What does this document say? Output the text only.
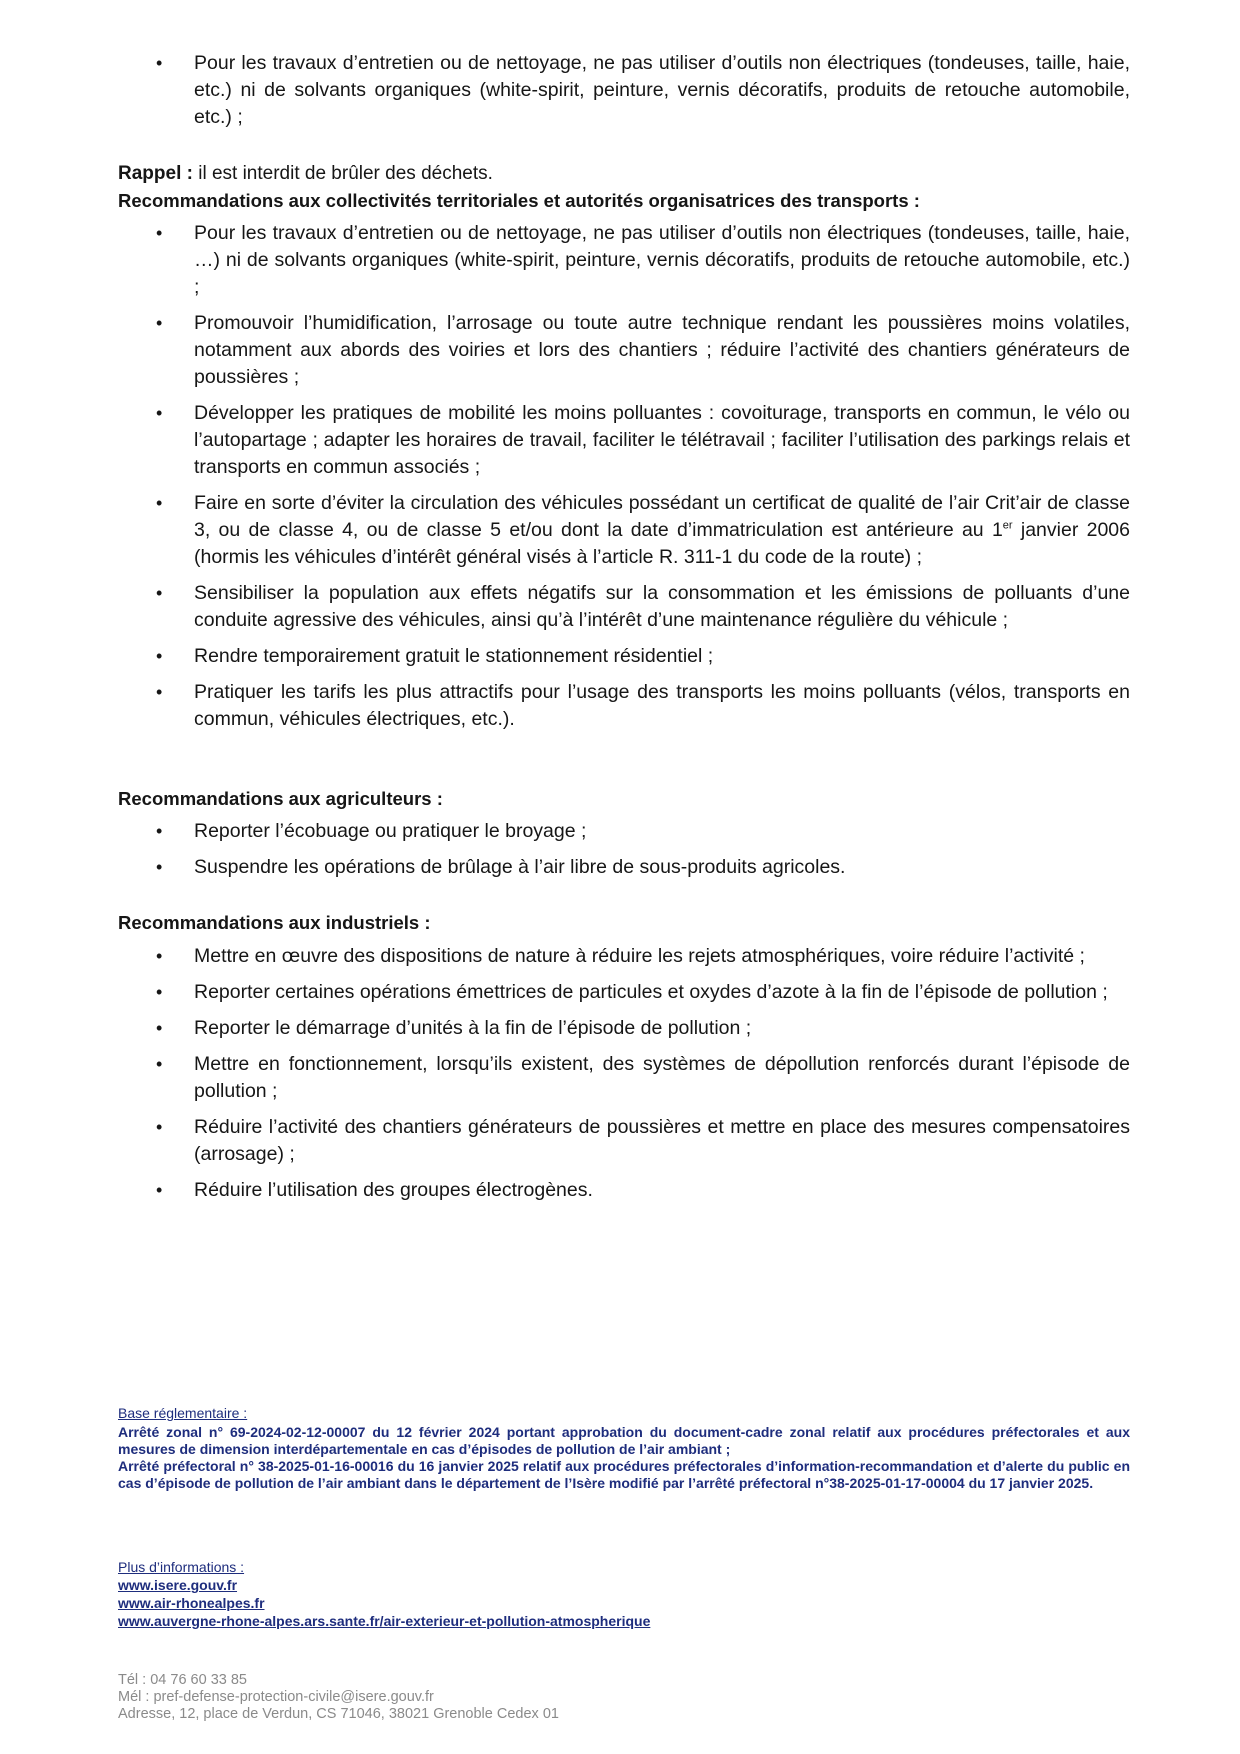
• Pour les travaux d’entretien ou de nettoyage, ne pas utiliser d’outils non électriques (tondeuses, taille, haie, etc.) ni de solvants organiques (white-spirit, peinture, vernis décoratifs, produits de retouche automobile, etc.) ;
Rappel : il est interdit de brûler des déchets.
Recommandations aux collectivités territoriales et autorités organisatrices des transports :
• Pour les travaux d’entretien ou de nettoyage, ne pas utiliser d’outils non électriques (tondeuses, taille, haie, …) ni de solvants organiques (white-spirit, peinture, vernis décoratifs, produits de retouche automobile, etc.) ;
• Promouvoir l’humidification, l’arrosage ou toute autre technique rendant les poussières moins volatiles, notamment aux abords des voiries et lors des chantiers ; réduire l’activité des chantiers générateurs de poussières ;
• Développer les pratiques de mobilité les moins polluantes : covoiturage, transports en commun, le vélo ou l’autopartage ; adapter les horaires de travail, faciliter le télétravail ; faciliter l’utilisation des parkings relais et transports en commun associés ;
• Faire en sorte d’éviter la circulation des véhicules possédant un certificat de qualité de l’air Crit’air de classe 3, ou de classe 4, ou de classe 5 et/ou dont la date d’immatriculation est antérieure au 1er janvier 2006 (hormis les véhicules d’intérêt général visés à l’article R. 311-1 du code de la route) ;
• Sensibiliser la population aux effets négatifs sur la consommation et les émissions de polluants d’une conduite agressive des véhicules, ainsi qu’à l’intérêt d’une maintenance régulière du véhicule ;
• Rendre temporairement gratuit le stationnement résidentiel ;
• Pratiquer les tarifs les plus attractifs pour l’usage des transports les moins polluants (vélos, transports en commun, véhicules électriques, etc.).
Recommandations aux agriculteurs :
• Reporter l’écobuage ou pratiquer le broyage ;
• Suspendre les opérations de brûlage à l’air libre de sous-produits agricoles.
Recommandations aux industriels :
• Mettre en œuvre des dispositions de nature à réduire les rejets atmosphériques, voire réduire l’activité ;
• Reporter certaines opérations émettrices de particules et oxydes d’azote à la fin de l’épisode de pollution ;
• Reporter le démarrage d’unités à la fin de l’épisode de pollution ;
• Mettre en fonctionnement, lorsqu’ils existent, des systèmes de dépollution renforcés durant l’épisode de pollution ;
• Réduire l’activité des chantiers générateurs de poussières et mettre en place des mesures compensatoires (arrosage) ;
• Réduire l’utilisation des groupes électrogènes.
Base réglementaire :
Arrêté zonal n° 69-2024-02-12-00007 du 12 février 2024 portant approbation du document-cadre zonal relatif aux procédures préfectorales et aux mesures de dimension interdépartementale en cas d’épisodes de pollution de l’air ambiant ;
Arrêté préfectoral n° 38-2025-01-16-00016 du 16 janvier 2025 relatif aux procédures préfectorales d’information-recommandation et d’alerte du public en cas d’épisode de pollution de l’air ambiant dans le département de l’Isère modifié par l’arrêté préfectoral n°38-2025-01-17-00004 du 17 janvier 2025.
Plus d’informations :
www.isere.gouv.fr
www.air-rhonealpes.fr
www.auvergne-rhone-alpes.ars.sante.fr/air-exterieur-et-pollution-atmospherique
Tél : 04 76 60 33 85
Mél : pref-defense-protection-civile@isere.gouv.fr
Adresse, 12, place de Verdun, CS 71046, 38021 Grenoble Cedex 01
